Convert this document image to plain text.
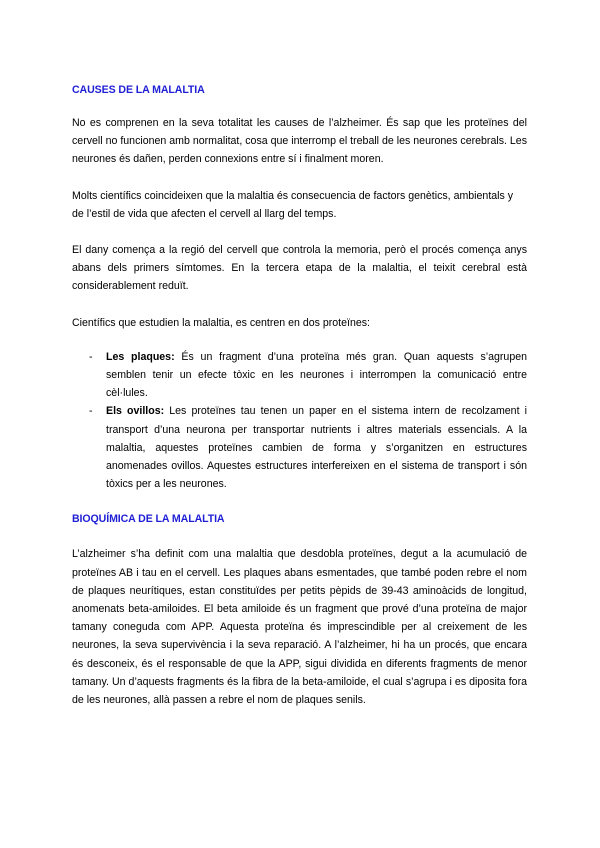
CAUSES DE LA MALALTIA

No es comprenen en la seva totalitat les causes de l’alzheimer. És sap que les proteïnes del cervell no funcionen amb normalitat, cosa que interromp el treball de les neurones cerebrals. Les neurones és dañen, perden connexions entre sí i finalment moren.

Molts científics coincideixen que la malaltia és consecuencia de factors genètics, ambientals y de l’estil de vida que afecten el cervell al llarg del temps.

El dany comença a la regió del cervell que controla la memoria, però el procés comença anys abans dels primers símtomes. En la tercera etapa de la malaltia, el teixit cerebral està considerablement reduït.

Científics que estudien la malaltia, es centren en dos proteïnes:

- Les plaques: És un fragment d’una proteïna més gran. Quan aquests s’agrupen semblen tenir un efecte tòxic en les neurones i interrompen la comunicació entre cèl·lules.
- Els ovillos: Les proteïnes tau tenen un paper en el sistema intern de recolzament i transport d’una neurona per transportar nutrients i altres materials essencials. A la malaltia, aquestes proteïnes cambien de forma y s’organitzen en estructures anomenades ovillos. Aquestes estructures interfereixen en el sistema de transport i són tòxics per a les neurones.
BIOQUÍMICA DE LA MALALTIA

L’alzheimer s’ha definit com una malaltia que desdobla proteïnes, degut a la acumulació de proteïnes AB i tau en el cervell. Les plaques abans esmentades, que també poden rebre el nom de plaques neurítiques, estan constituïdes per petits pèpids de 39-43 aminoàcids de longitud, anomenats beta-amiloides. El beta amiloide és un fragment que prové d’una proteïna de major tamany coneguda com APP. Aquesta proteïna és imprescindible per al creixement de les neurones, la seva supervivència i la seva reparació. A l’alzheimer, hi ha un procés, que encara és desconeix, és el responsable de que la APP, sigui dividida en diferents fragments de menor tamany. Un d’aquests fragments és la fibra de la beta-amiloide, el cual s’agrupa i es diposita fora de les neurones, allà passen a rebre el nom de plaques senils.
